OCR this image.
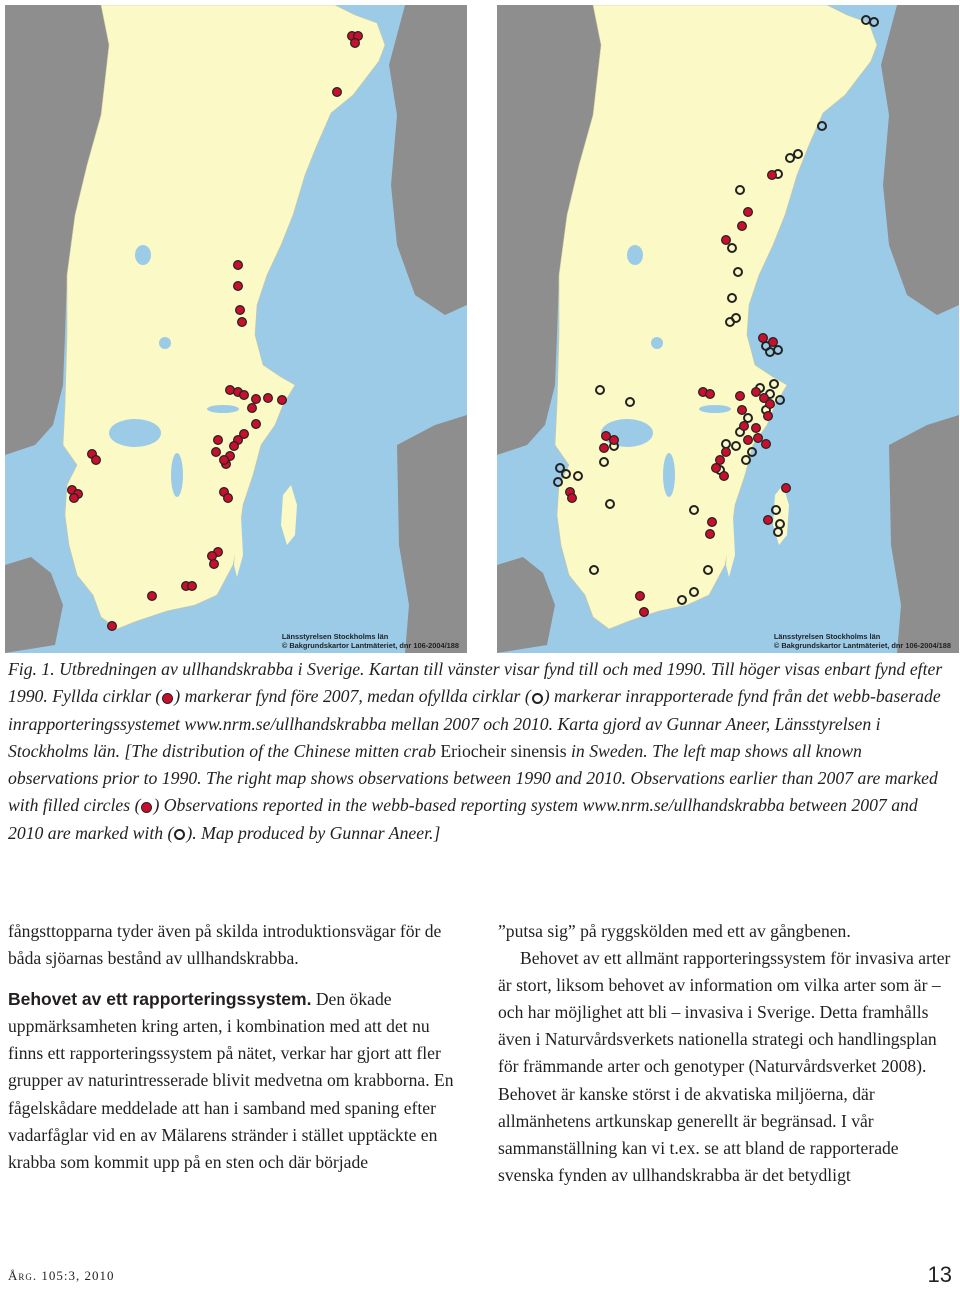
Länsstyrelsen Stockholms län
© Bakgrundskartor Lantmäteriet, dnr 106-2004/188
Länsstyrelsen Stockholms län
© Bakgrundskartor Lantmäteriet, dnr 106-2004/188

Fig. 1. Utbredningen av ullhandskrabba i Sverige. Kartan till vänster visar fynd till och med 1990. Till höger visas enbart fynd efter 1990. Fyllda cirklar ( ) markerar fynd före 2007, medan ofyllda cirklar ( ) markerar inrapporterade fynd från det webb-baserade inrapporteringssystemet www.nrm.se/ullhandskrabba mellan 2007 och 2010. Karta gjord av Gunnar Aneer, Länsstyrelsen i Stockholms län. [The distribution of the Chinese mitten crab Eriocheir sinensis in Sweden. The left map shows all known observations prior to 1990. The right map shows observations between 1990 and 2010. Observations earlier than 2007 are marked with filled circles ( ) Observations reported in the webb-based reporting system www.nrm.se/ullhandskrabba between 2007 and 2010 are marked with ( ). Map produced by Gunnar Aneer.]

fångsttopparna tyder även på skilda introduktionsvägar för de båda sjöarnas bestånd av ullhandskrabba.

Behovet av ett rapporteringssystem. Den ökade uppmärksamheten kring arten, i kombination med att det nu finns ett rapporteringssystem på nätet, verkar har gjort att fler grupper av naturintresserade blivit medvetna om krabborna. En fågelskådare meddelade att han i samband med spaning efter vadarfåglar vid en av Mälarens stränder i stället upptäckte en krabba som kommit upp på en sten och där började

”putsa sig” på ryggskölden med ett av gångbenen.

Behovet av ett allmänt rapporteringssystem för invasiva arter är stort, liksom behovet av information om vilka arter som är – och har möjlighet att bli – invasiva i Sverige. Detta framhålls även i Naturvårdsverkets nationella strategi och handlingsplan för främmande arter och genotyper (Naturvårdsverket 2008). Behovet är kanske störst i de akvatiska miljöerna, där allmänhetens artkunskap generellt är begränsad. I vår sammanställning kan vi t.ex. se att bland de rapporterade svenska fynden av ullhandskrabba är det betydligt

Årg. 105:3, 2010	13
